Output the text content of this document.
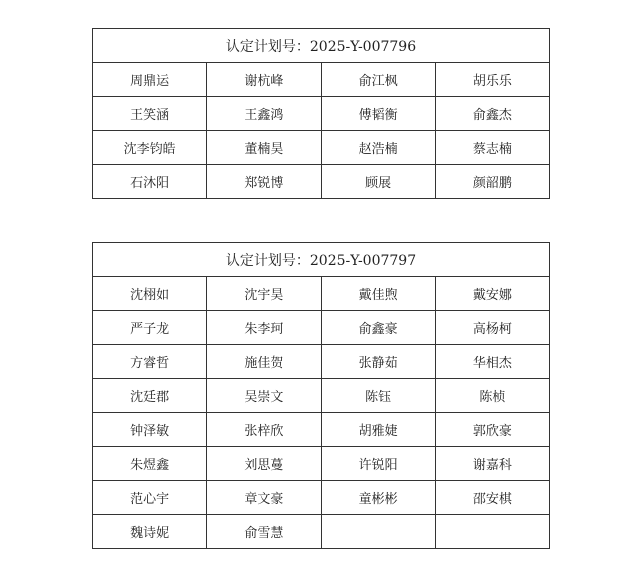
认定计划号：2025-Y-007796			
周鼎运	谢杭峰	俞江枫	胡乐乐
王笑涵	王鑫鸿	傅韬衡	俞鑫杰
沈李钧皓	董楠昊	赵浩楠	蔡志楠
石沐阳	郑锐博	顾展	颜韶鹏
认定计划号：2025-Y-007797			
沈栩如	沈宇昊	戴佳煦	戴安娜
严子龙	朱李珂	俞鑫豪	高杨柯
方睿哲	施佳贺	张静茹	华相杰
沈廷郡	吴崇文	陈钰	陈桢
钟泽敏	张梓欣	胡雅婕	郭欣豪
朱煜鑫	刘思蔓	许锐阳	谢嘉科
范心宇	章文豪	童彬彬	邵安棋
魏诗妮	俞雪慧		
